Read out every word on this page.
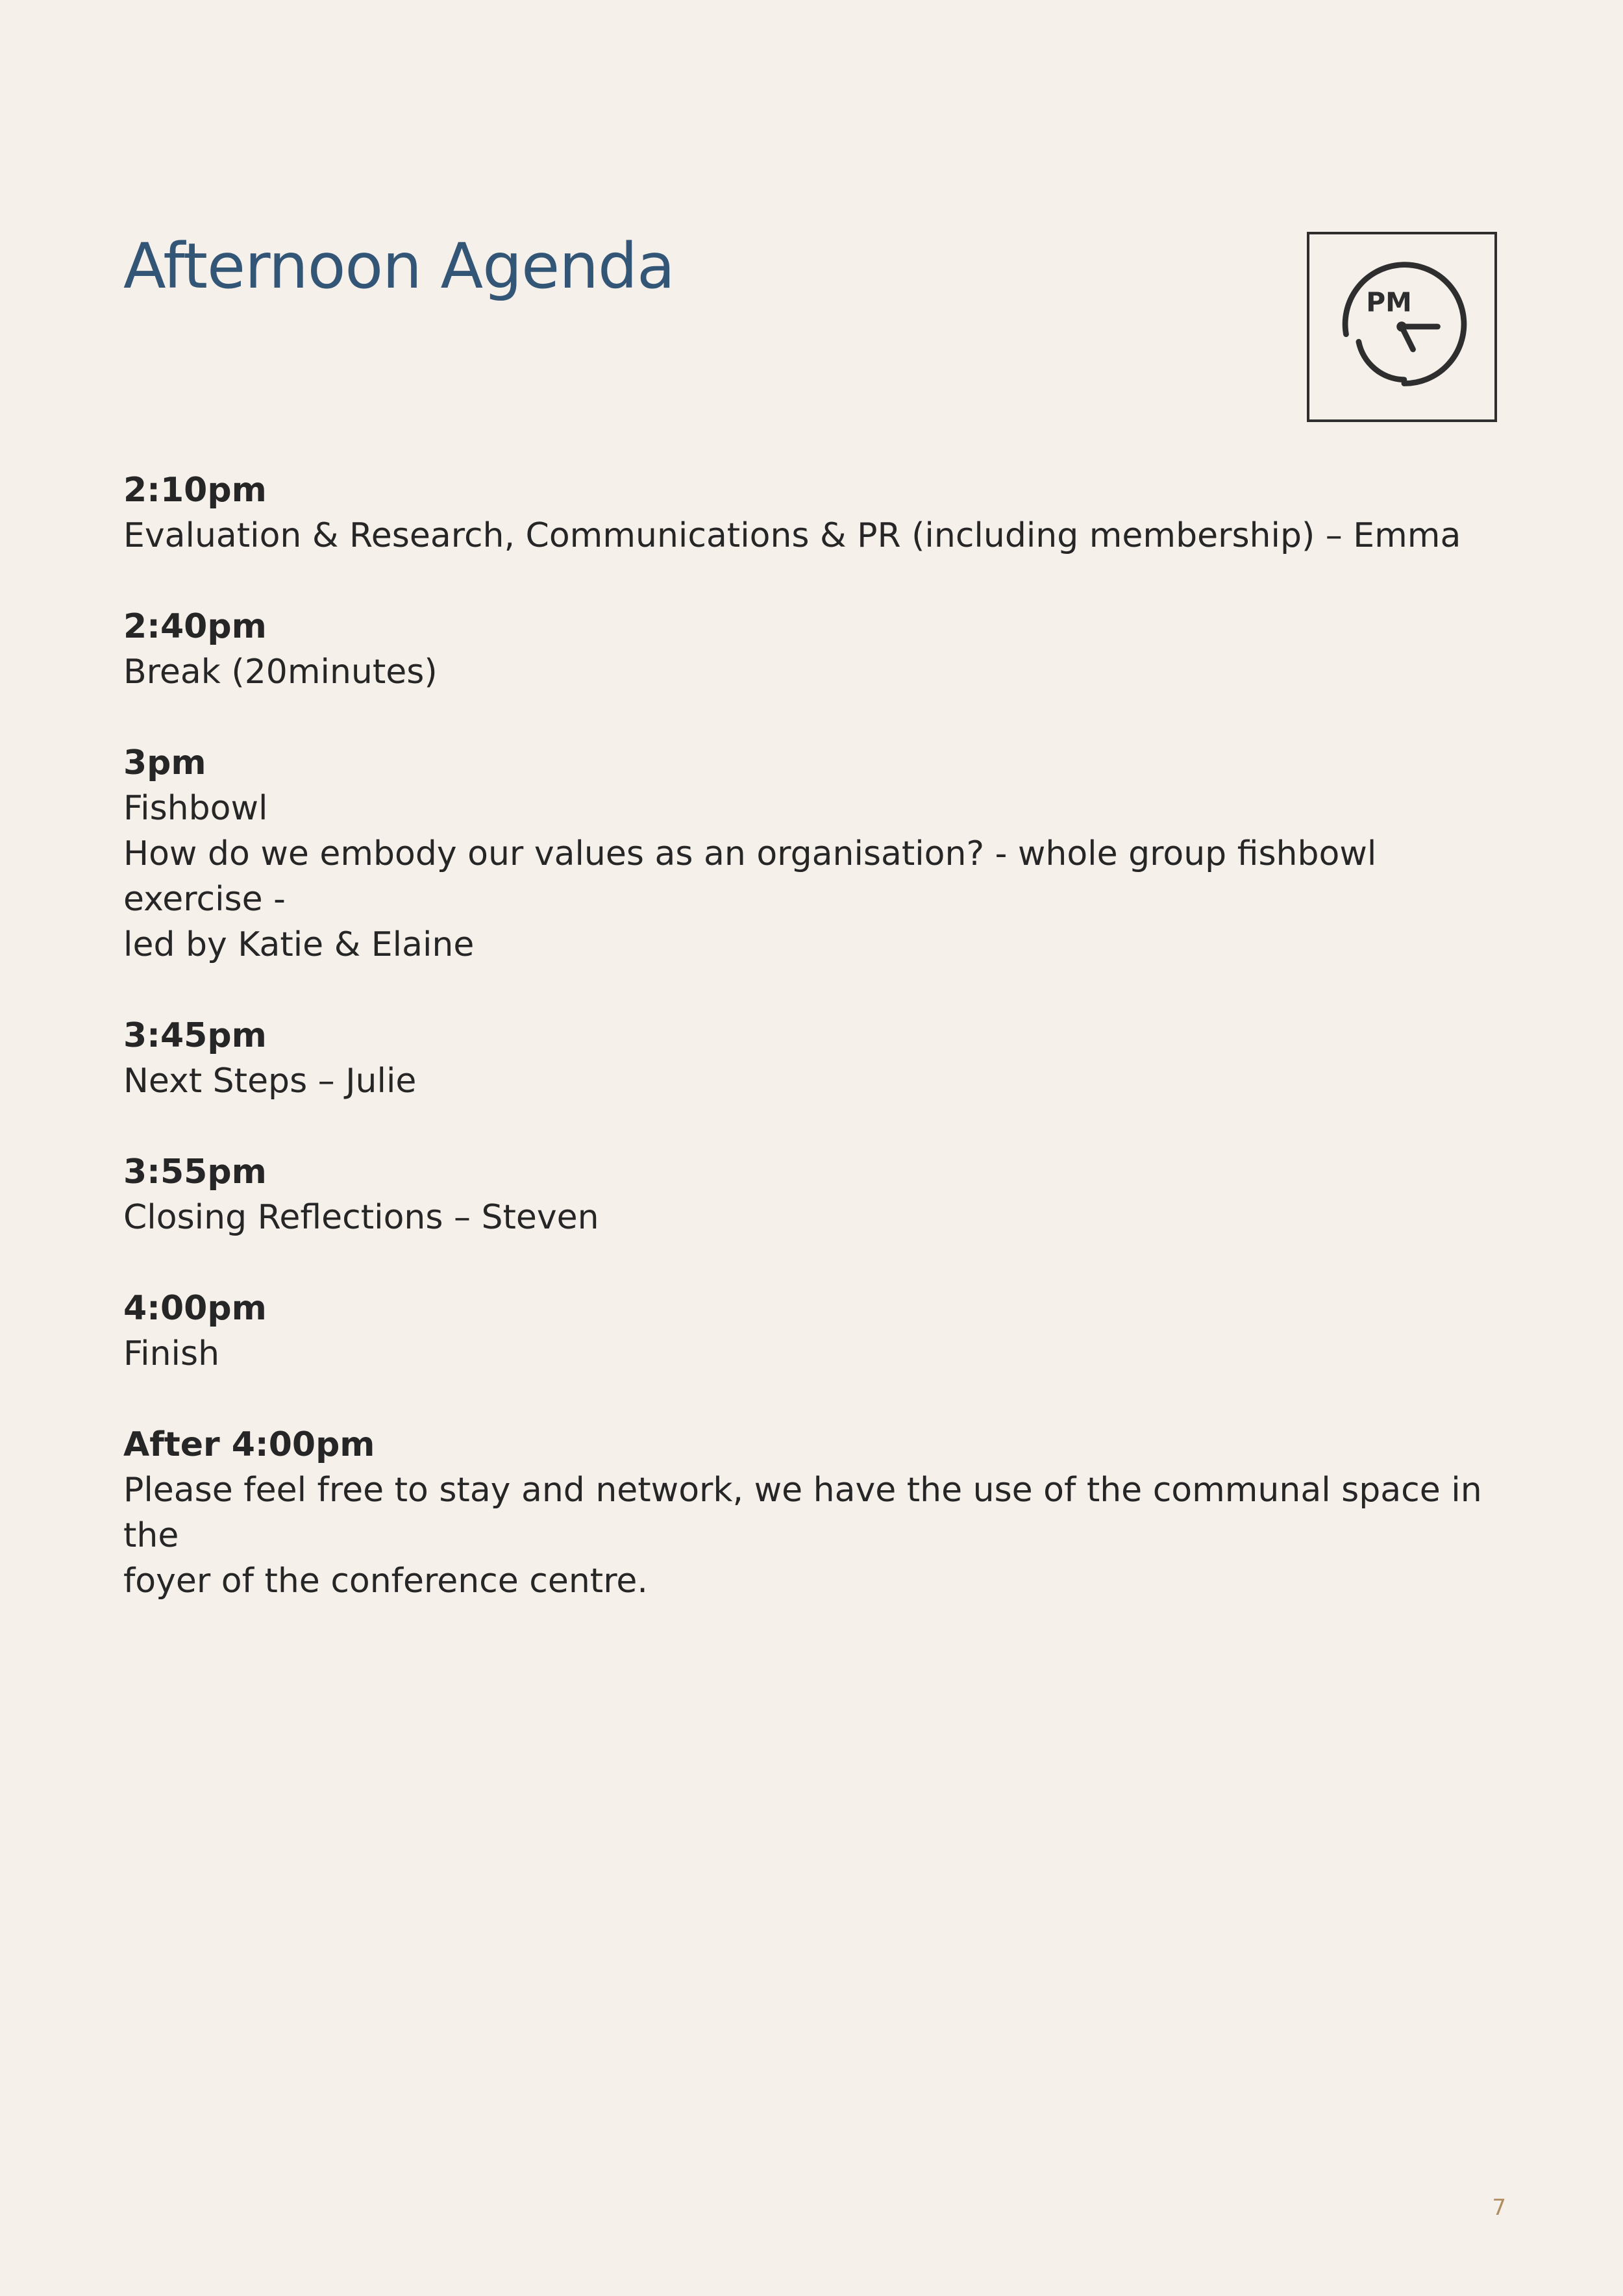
Afternoon Agenda	PM
2:10pm
Evaluation & Research, Communications & PR (including membership) – Emma
2:40pm
Break (20minutes)
3pm
Fishbowl
How do we embody our values as an organisation? - whole group fishbowl exercise -
led by Katie & Elaine
3:45pm
Next Steps – Julie
3:55pm
Closing Reflections – Steven
4:00pm
Finish
After 4:00pm
Please feel free to stay and network, we have the use of the communal space in the
foyer of the conference centre.
7
